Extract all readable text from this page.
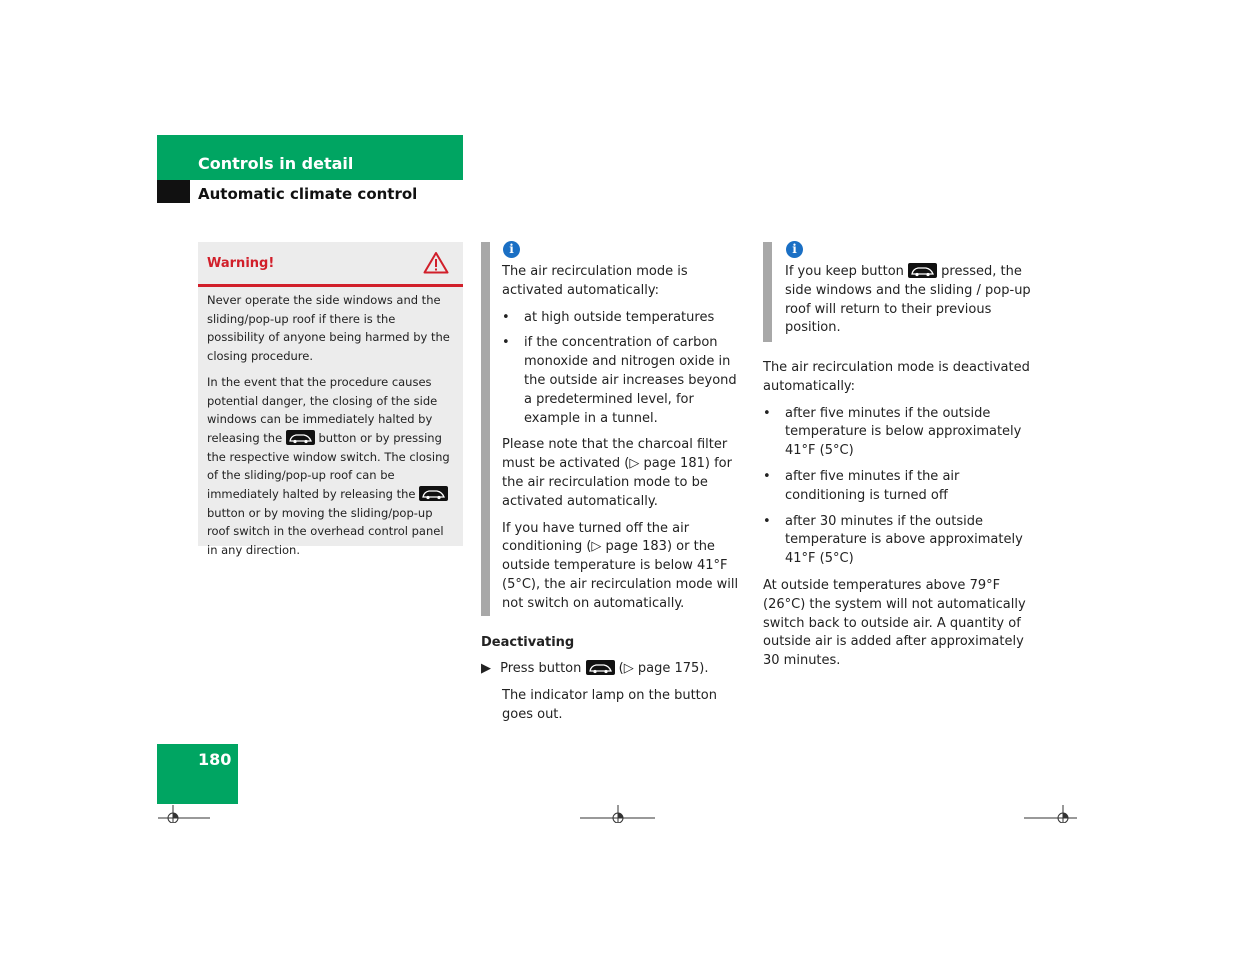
Controls in detail
Automatic climate control
Warning!

Never operate the side windows and the sliding/pop-up roof if there is the possibility of anyone being harmed by the closing procedure.

In the event that the procedure causes potential danger, the closing of the side windows can be immediately halted by releasing the	button or by pressing the respective window switch. The closing of the sliding/pop-up roof can be immediately halted by releasing the
button or by moving the sliding/pop-up roof switch in the overhead control panel in any direction.

i

The air recirculation mode is activated automatically:

• at high outside temperatures
• if the concentration of carbon monoxide and nitrogen oxide in the outside air increases beyond a predetermined level, for example in a tunnel.

Please note that the charcoal filter must be activated (▷ page 181) for the air recirculation mode to be activated automatically.

If you have turned off the air conditioning (▷ page 183) or the outside temperature is below 41°F (5°C), the air recirculation mode will not switch on automatically.

Deactivating
▶ Press button	(▷ page 175).
The indicator lamp on the button goes out.
i

If you keep button	pressed, the side windows and the sliding / pop-up roof will return to their previous position.

The air recirculation mode is deactivated automatically:

• after five minutes if the outside temperature is below approximately 41°F (5°C)
• after five minutes if the air conditioning is turned off
• after 30 minutes if the outside temperature is above approximately 41°F (5°C)

At outside temperatures above 79°F (26°C) the system will not automatically switch back to outside air. A quantity of outside air is added after approximately 30 minutes.

180
